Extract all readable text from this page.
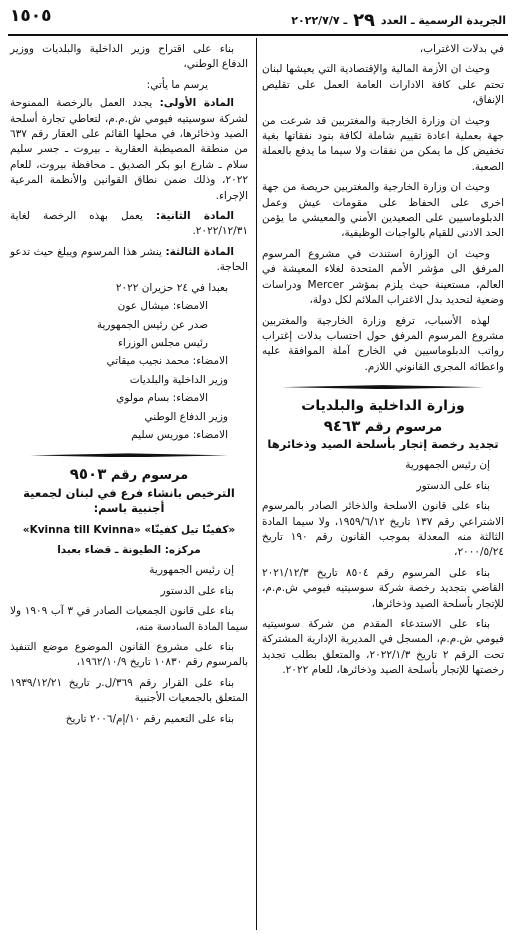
الجريدة الرسمية ـ العدد ٢٩ ـ ٢٠٢٢/٧/٧
١٥٠٥

في بدلات الاغتراب،

وحيث ان الأزمة المالية والإقتصادية التي يعيشها لبنان تحتم على كافة الادارات العامة العمل على تقليص الإنفاق،

وحيث ان وزارة الخارجية والمغتربين قد شرعت من جهة بعملية اعادة تقييم شاملة لكافة بنود نفقاتها بغية تخفيض كل ما يمكن من نفقات ولا سيما ما يدفع بالعملة الصعبة.

وحيث ان وزارة الخارجية والمغتربين حريصة من جهة اخرى على الحفاظ على مقومات عيش وعمل الدبلوماسيين على الصعيدين الأمني والمعيشي ما يؤمن الحد الادنى للقيام بالواجبات الوظيفية،

وحيث ان الوزارة استندت في مشروع المرسوم المرفق الى مؤشر الأمم المتحدة لغلاء المعيشة في العالم، مستعينة حيث يلزم بمؤشر Mercer ودراسات وضعية لتحديد بدل الاغتراب الملائم لكل دولة،

لهذه الأسباب، ترفع وزارة الخارجية والمغتربين مشروع المرسوم المرفق حول احتساب بدلات إغتراب رواتب الدبلوماسيين في الخارج آملة الموافقة عليه واعطائه المجرى القانوني اللازم.

وزارة الداخلية والبلديات
مرسوم رقم ٩٤٦٣
تجديد رخصة إتجار بأسلحة الصيد وذخائرها

إن رئيس الجمهورية

بناء على الدستور

بناء على قانون الاسلحة والذخائر الصادر بالمرسوم الاشتراعي رقم ١٣٧ تاريخ ١٩٥٩/٦/١٢، ولا سيما المادة الثالثة منه المعدلة بموجب القانون رقم ١٩٠ تاريخ ٢٠٠٠/٥/٢٤،

بناء على المرسوم رقم ٨٥٠٤ تاريخ ٢٠٢١/١٢/٣ القاضي بتجديد رخصة شركة سوسيتيه فيومي ش.م.م، للإتجار بأسلحة الصيد وذخائرها،

بناء على الاستدعاء المقدم من شركة سوسيتيه فيومي ش.م.م، المسجل في المديرية الإدارية المشتركة تحت الرقم ٢ تاريخ ٢٠٢٢/١/٣، والمتعلق بطلب تجديد رخصتها للإتجار بأسلحة الصيد وذخائرها، للعام ٢٠٢٢.

بناء على اقتراح وزير الداخلية والبلديات ووزير الدفاع الوطني،

يرسم ما يأتي:

المادة الأولى: يجدد العمل بالرخصة الممنوحة لشركة سوسيتيه فيومي ش.م.م، لتعاطي تجارة أسلحة الصيد وذخائرها، في محلها القائم على العقار رقم ٦٣٧ من منطقة المصيطبة العقارية ـ بيروت ـ جسر سليم سلام ـ شارع ابو بكر الصديق ـ محافظة بيروت، للعام ٢٠٢٢، وذلك ضمن نطاق القوانين والأنظمة المرعية الإجراء.

المادة الثانية: يعمل بهذه الرخصة لغاية ٢٠٢٢/١٢/٣١.

المادة الثالثة: ينشر هذا المرسوم ويبلغ حيث تدعو الحاجة.

بعبدا في ٢٤ حزيران ٢٠٢٢

الامضاء: ميشال عون

صدر عن رئيس الجمهورية

رئيس مجلس الوزراء

الامضاء: محمد نجيب ميقاتي

وزير الداخلية والبلديات

الامضاء: بسام مولوي

وزير الدفاع الوطني

الامضاء: موريس سليم

مرسوم رقم ٩٥٠٣
الترخيص بانشاء فرع في لبنان لجمعية أجنبية باسم:

«كفينّا تيل كفينّا» «Kvinna till Kvinna»

مركزه: الطيونة ـ قضاء بعبدا

إن رئيس الجمهورية

بناء على الدستور

بناء على قانون الجمعيات الصادر في ٣ آب ١٩٠٩ ولا سيما المادة السادسة منه،

بناء على مشروع القانون الموضوع موضع التنفيذ بالمرسوم رقم ١٠٨٣٠ تاريخ ١٩٦٢/١٠/٩،

بناء على القرار رقم ٣٦٩/ل.ر تاريخ ١٩٣٩/١٢/٢١ المتعلق بالجمعيات الأجنبية

بناء على التعميم رقم ١٠/إم/٢٠٠٦ تاريخ
